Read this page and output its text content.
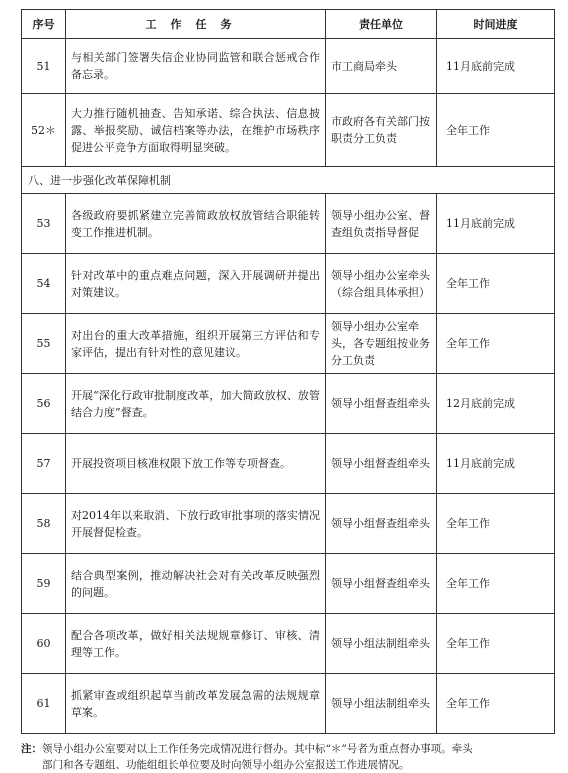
序号	工作任务	责任单位	时间进度
51	与相关部门签署失信企业协同监管和联合惩戒合作备忘录。	市工商局牵头	11月底前完成
52＊	大力推行随机抽查、告知承诺、综合执法、信息披露、举报奖励、诚信档案等办法，在维护市场秩序促进公平竞争方面取得明显突破。	市政府各有关部门按职责分工负责	全年工作
八、进一步强化改革保障机制			
53	各级政府要抓紧建立完善简政放权放管结合职能转变工作推进机制。	领导小组办公室、督查组负责指导督促	11月底前完成
54	针对改革中的重点难点问题，深入开展调研并提出对策建议。	领导小组办公室牵头（综合组具体承担）	全年工作
55	对出台的重大改革措施，组织开展第三方评估和专家评估，提出有针对性的意见建议。	领导小组办公室牵头，各专题组按业务分工负责	全年工作
56	开展“深化行政审批制度改革，加大简政放权、放管结合力度”督查。	领导小组督查组牵头	12月底前完成
57	开展投资项目核准权限下放工作等专项督查。	领导小组督查组牵头	11月底前完成
58	对2014年以来取消、下放行政审批事项的落实情况开展督促检查。	领导小组督查组牵头	全年工作
59	结合典型案例，推动解决社会对有关改革反映强烈的问题。	领导小组督查组牵头	全年工作
60	配合各项改革，做好相关法规规章修订、审核、清理等工作。	领导小组法制组牵头	全年工作
61	抓紧审查或组织起草当前改革发展急需的法规规章草案。	领导小组法制组牵头	全年工作
注：领导小组办公室要对以上工作任务完成情况进行督办。其中标“＊”号者为重点督办事项。牵头
部门和各专题组、功能组组长单位要及时向领导小组办公室报送工作进展情况。
